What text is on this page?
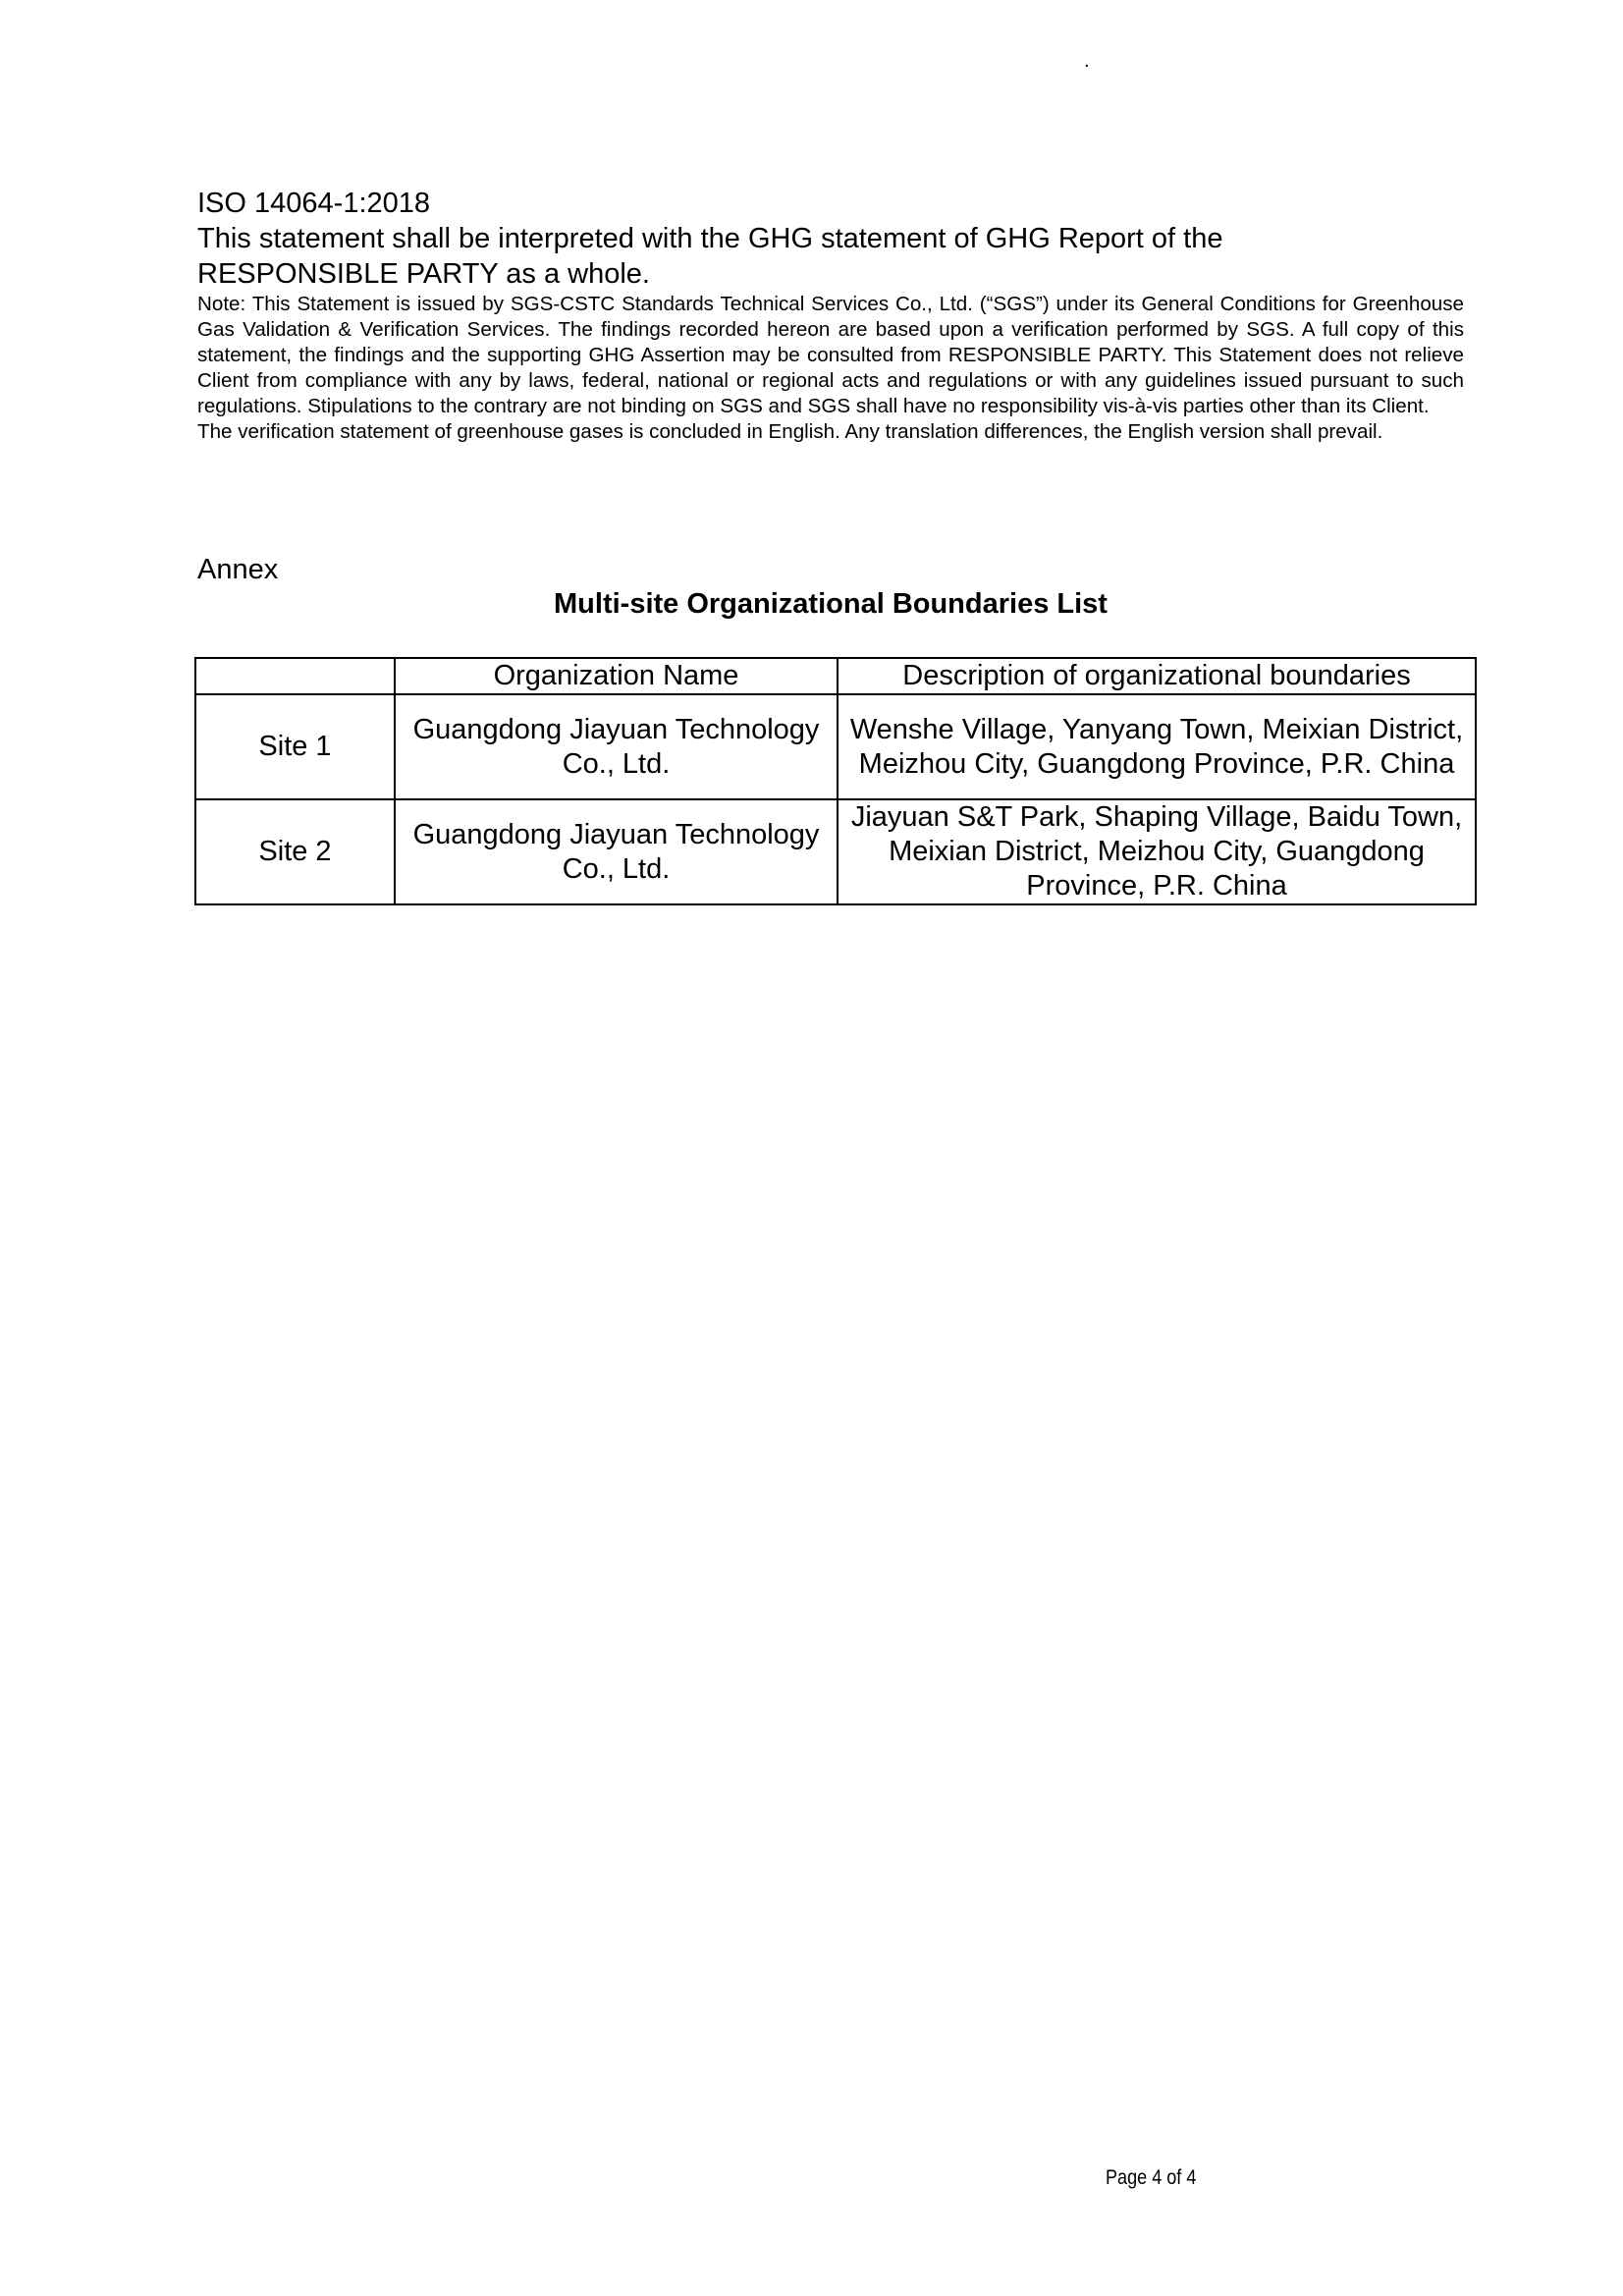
.

ISO 14064-1:2018

This statement shall be interpreted with the GHG statement of GHG Report of the

RESPONSIBLE PARTY as a whole.

Note: This Statement is issued by SGS-CSTC Standards Technical Services Co., Ltd. (“SGS”) under its General Conditions for Greenhouse Gas Validation & Verification Services. The findings recorded hereon are based upon a verification performed by SGS. A full copy of this statement, the findings and the supporting GHG Assertion may be consulted from RESPONSIBLE PARTY. This Statement does not relieve Client from compliance with any by laws, federal, national or regional acts and regulations or with any guidelines issued pursuant to such regulations. Stipulations to the contrary are not binding on SGS and SGS shall have no responsibility vis-à-vis parties other than its Client.

The verification statement of greenhouse gases is concluded in English. Any translation differences, the English version shall prevail.

Annex
Multi-site Organizational Boundaries List
	Organization Name	Description of organizational boundaries
Site 1	Guangdong Jiayuan Technology Co., Ltd.	Wenshe Village, Yanyang Town, Meixian District, Meizhou City, Guangdong Province, P.R. China
Site 2	Guangdong Jiayuan Technology Co., Ltd.	Jiayuan S&T Park, Shaping Village, Baidu Town, Meixian District, Meizhou City, Guangdong Province, P.R. China
Page 4 of 4
